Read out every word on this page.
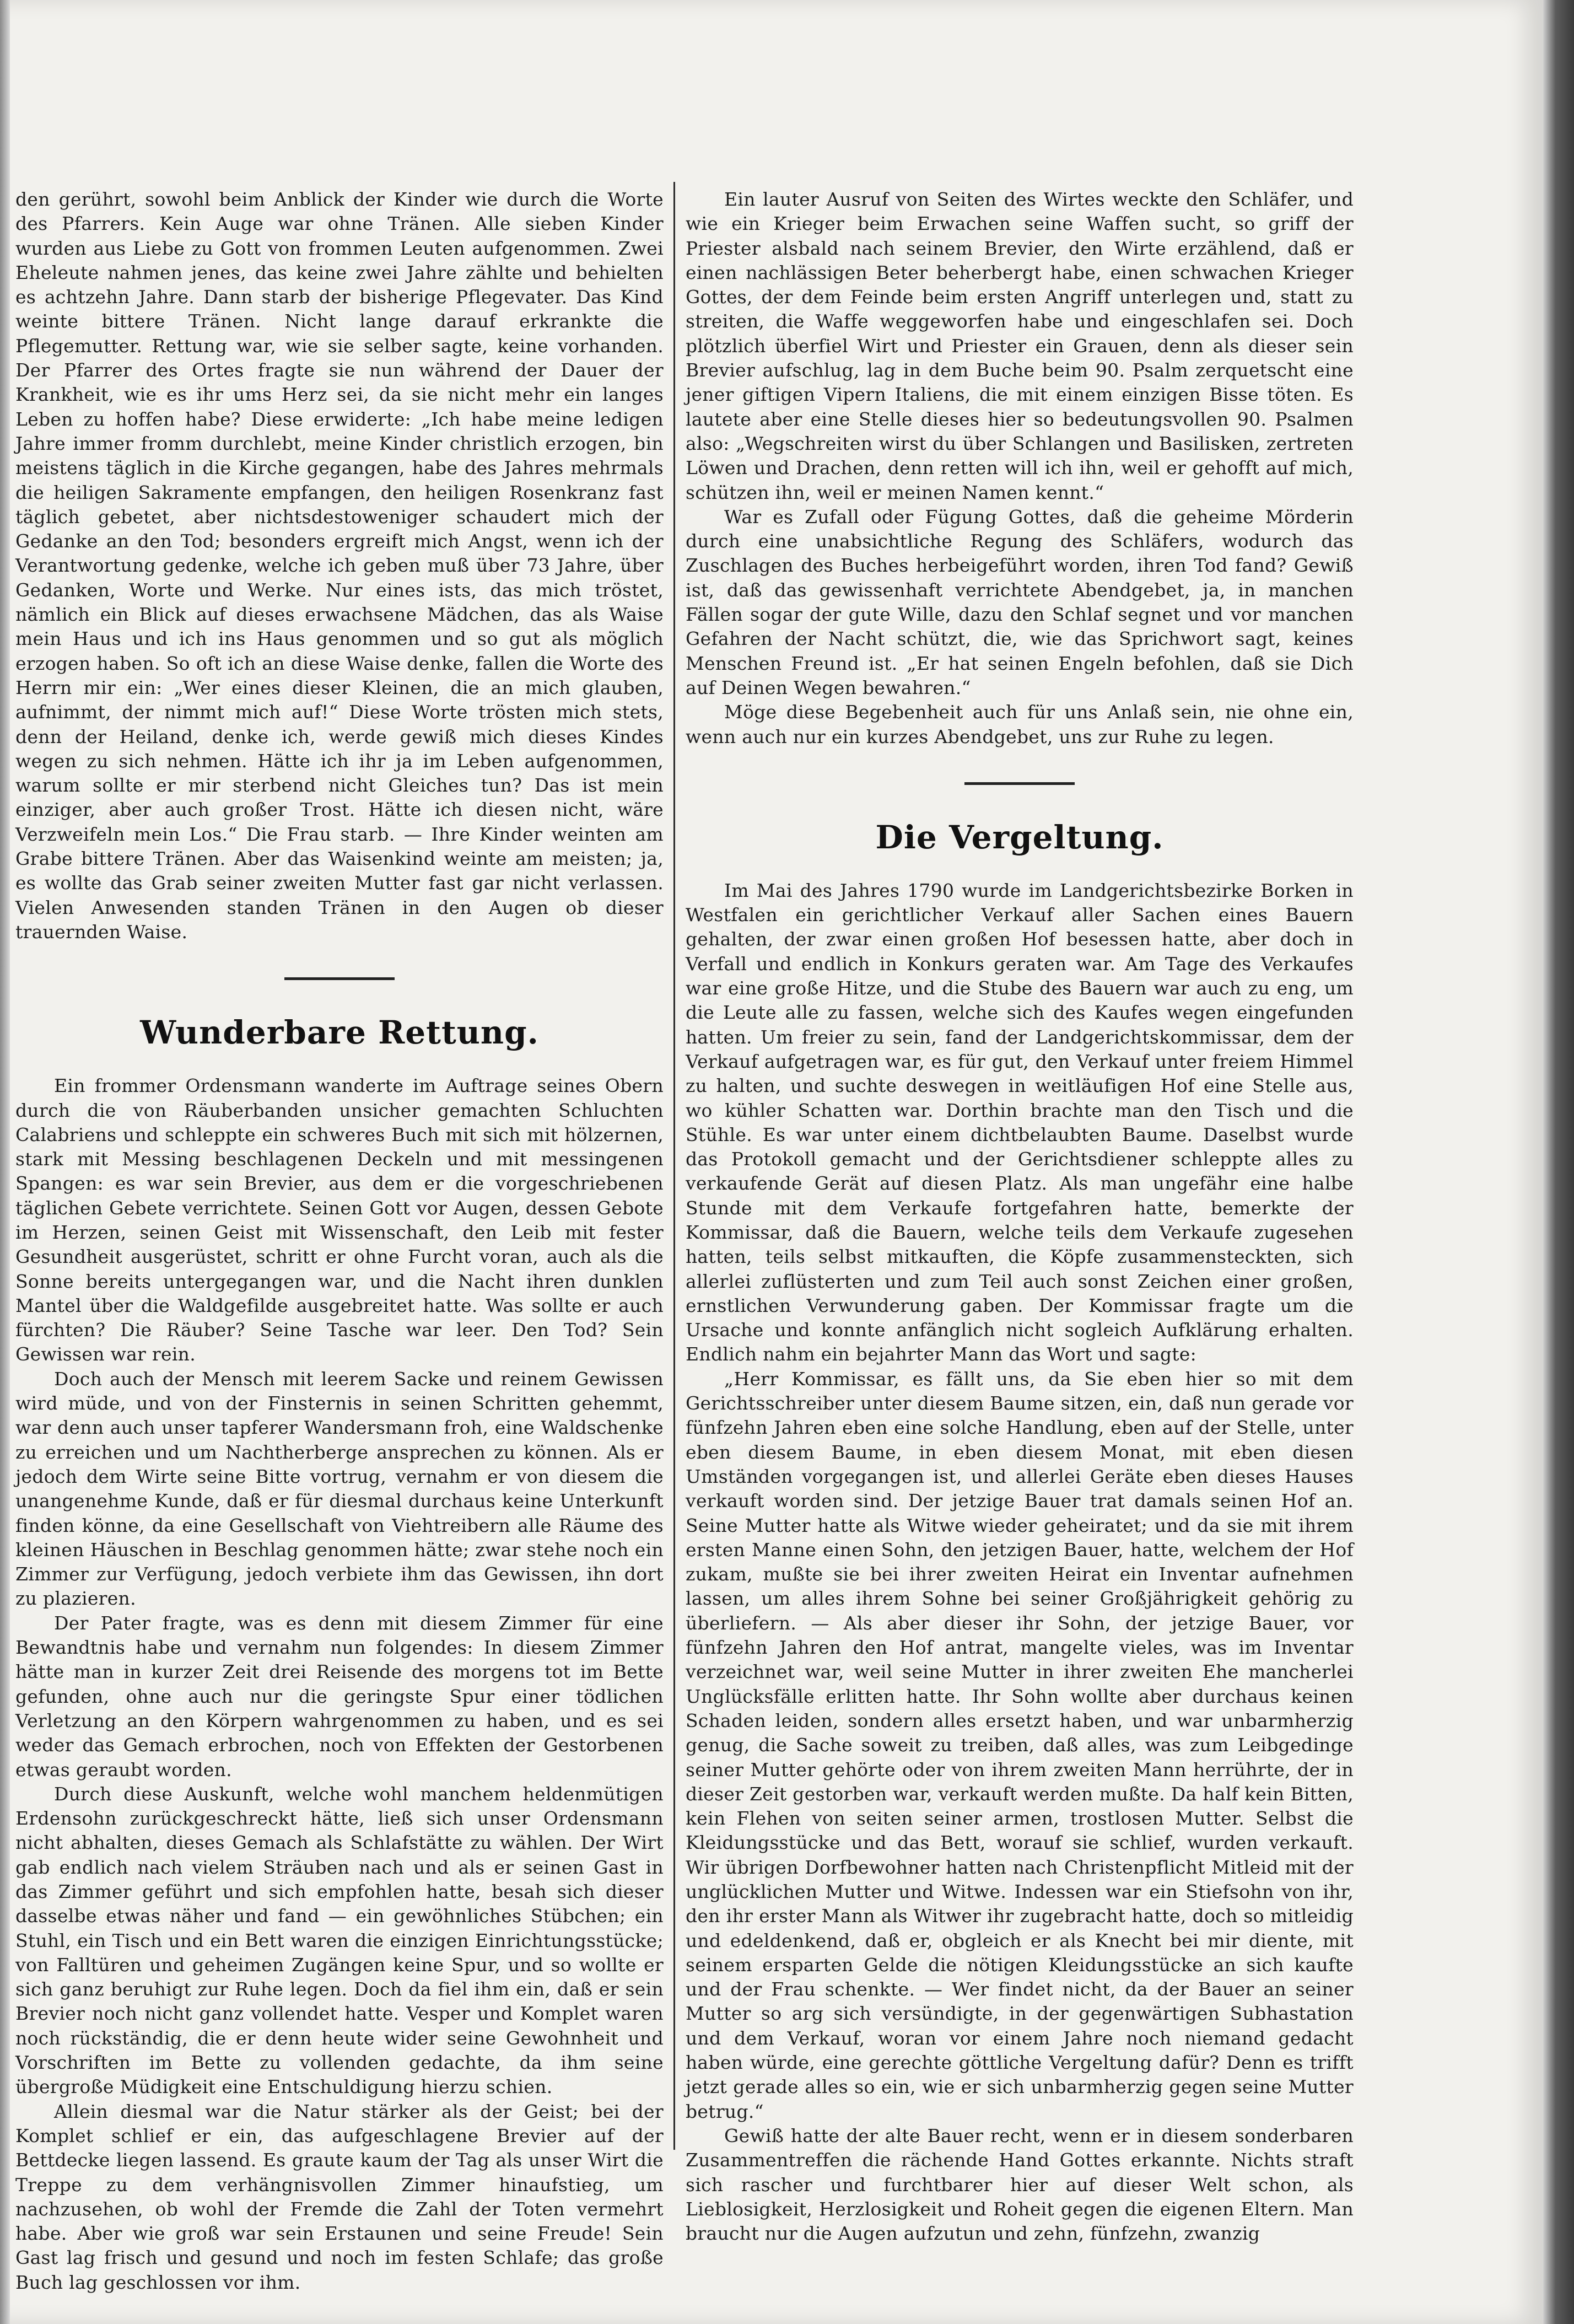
den gerührt, sowohl beim Anblick der Kinder wie durch die Worte des Pfarrers. Kein Auge war ohne Tränen. Alle sieben Kinder wurden aus Liebe zu Gott von frommen Leuten aufgenommen. Zwei Eheleute nahmen jenes, das keine zwei Jahre zählte und behielten es achtzehn Jahre. Dann starb der bisherige Pflegevater. Das Kind weinte bittere Tränen. Nicht lange darauf erkrankte die Pflegemutter. Rettung war, wie sie selber sagte, keine vorhanden. Der Pfarrer des Ortes fragte sie nun während der Dauer der Krankheit, wie es ihr ums Herz sei, da sie nicht mehr ein langes Leben zu hoffen habe? Diese erwiderte: „Ich habe meine ledigen Jahre immer fromm durchlebt, meine Kinder christlich erzogen, bin meistens täglich in die Kirche gegangen, habe des Jahres mehrmals die heiligen Sakramente empfangen, den heiligen Rosenkranz fast täglich gebetet, aber nichtsdestoweniger schaudert mich der Gedanke an den Tod; besonders ergreift mich Angst, wenn ich der Verantwortung gedenke, welche ich geben muß über 73 Jahre, über Gedanken, Worte und Werke. Nur eines ists, das mich tröstet, nämlich ein Blick auf dieses erwachsene Mädchen, das als Waise mein Haus und ich ins Haus genommen und so gut als möglich erzogen haben. So oft ich an diese Waise denke, fallen die Worte des Herrn mir ein: „Wer eines dieser Kleinen, die an mich glauben, aufnimmt, der nimmt mich auf!“ Diese Worte trösten mich stets, denn der Heiland, denke ich, werde gewiß mich dieses Kindes wegen zu sich nehmen. Hätte ich ihr ja im Leben aufgenommen, warum sollte er mir sterbend nicht Gleiches tun? Das ist mein einziger, aber auch großer Trost. Hätte ich diesen nicht, wäre Verzweifeln mein Los.“ Die Frau starb. — Ihre Kinder weinten am Grabe bittere Tränen. Aber das Waisenkind weinte am meisten; ja, es wollte das Grab seiner zweiten Mutter fast gar nicht verlassen. Vielen Anwesenden standen Tränen in den Augen ob dieser trauernden Waise.

Wunderbare Rettung.

Ein frommer Ordensmann wanderte im Auftrage seines Obern durch die von Räuberbanden unsicher gemachten Schluchten Calabriens und schleppte ein schweres Buch mit sich mit hölzernen, stark mit Messing beschlagenen Deckeln und mit messingenen Spangen: es war sein Brevier, aus dem er die vorgeschriebenen täglichen Gebete verrichtete. Seinen Gott vor Augen, dessen Gebote im Herzen, seinen Geist mit Wissenschaft, den Leib mit fester Gesundheit ausgerüstet, schritt er ohne Furcht voran, auch als die Sonne bereits untergegangen war, und die Nacht ihren dunklen Mantel über die Waldgefilde ausgebreitet hatte. Was sollte er auch fürchten? Die Räuber? Seine Tasche war leer. Den Tod? Sein Gewissen war rein.

Doch auch der Mensch mit leerem Sacke und reinem Gewissen wird müde, und von der Finsternis in seinen Schritten gehemmt, war denn auch unser tapferer Wandersmann froh, eine Waldschenke zu erreichen und um Nachtherberge ansprechen zu können. Als er jedoch dem Wirte seine Bitte vortrug, vernahm er von diesem die unangenehme Kunde, daß er für diesmal durchaus keine Unterkunft finden könne, da eine Gesellschaft von Viehtreibern alle Räume des kleinen Häuschen in Beschlag genommen hätte; zwar stehe noch ein Zimmer zur Verfügung, jedoch verbiete ihm das Gewissen, ihn dort zu plazieren.

Der Pater fragte, was es denn mit diesem Zimmer für eine Bewandtnis habe und vernahm nun folgendes: In diesem Zimmer hätte man in kurzer Zeit drei Reisende des morgens tot im Bette gefunden, ohne auch nur die geringste Spur einer tödlichen Verletzung an den Körpern wahrgenommen zu haben, und es sei weder das Gemach erbrochen, noch von Effekten der Gestorbenen etwas geraubt worden.

Durch diese Auskunft, welche wohl manchem heldenmütigen Erdensohn zurückgeschreckt hätte, ließ sich unser Ordensmann nicht abhalten, dieses Gemach als Schlafstätte zu wählen. Der Wirt gab endlich nach vielem Sträuben nach und als er seinen Gast in das Zimmer geführt und sich empfohlen hatte, besah sich dieser dasselbe etwas näher und fand — ein gewöhnliches Stübchen; ein Stuhl, ein Tisch und ein Bett waren die einzigen Einrichtungsstücke; von Falltüren und geheimen Zugängen keine Spur, und so wollte er sich ganz beruhigt zur Ruhe legen. Doch da fiel ihm ein, daß er sein Brevier noch nicht ganz vollendet hatte. Vesper und Komplet waren noch rückständig, die er denn heute wider seine Gewohnheit und Vorschriften im Bette zu vollenden gedachte, da ihm seine übergroße Müdigkeit eine Entschuldigung hierzu schien.

Allein diesmal war die Natur stärker als der Geist; bei der Komplet schlief er ein, das aufgeschlagene Brevier auf der Bettdecke liegen lassend. Es graute kaum der Tag als unser Wirt die Treppe zu dem verhängnisvollen Zimmer hinaufstieg, um nachzusehen, ob wohl der Fremde die Zahl der Toten vermehrt habe. Aber wie groß war sein Erstaunen und seine Freude! Sein Gast lag frisch und gesund und noch im festen Schlafe; das große Buch lag geschlossen vor ihm.

Ein lauter Ausruf von Seiten des Wirtes weckte den Schläfer, und wie ein Krieger beim Erwachen seine Waffen sucht, so griff der Priester alsbald nach seinem Brevier, den Wirte erzählend, daß er einen nachlässigen Beter beherbergt habe, einen schwachen Krieger Gottes, der dem Feinde beim ersten Angriff unterlegen und, statt zu streiten, die Waffe weggeworfen habe und eingeschlafen sei. Doch plötzlich überfiel Wirt und Priester ein Grauen, denn als dieser sein Brevier aufschlug, lag in dem Buche beim 90. Psalm zerquetscht eine jener giftigen Vipern Italiens, die mit einem einzigen Bisse töten. Es lautete aber eine Stelle dieses hier so bedeutungsvollen 90. Psalmen also: „Wegschreiten wirst du über Schlangen und Basilisken, zertreten Löwen und Drachen, denn retten will ich ihn, weil er gehofft auf mich, schützen ihn, weil er meinen Namen kennt.“

War es Zufall oder Fügung Gottes, daß die geheime Mörderin durch eine unabsichtliche Regung des Schläfers, wodurch das Zuschlagen des Buches herbeigeführt worden, ihren Tod fand? Gewiß ist, daß das gewissenhaft verrichtete Abendgebet, ja, in manchen Fällen sogar der gute Wille, dazu den Schlaf segnet und vor manchen Gefahren der Nacht schützt, die, wie das Sprichwort sagt, keines Menschen Freund ist. „Er hat seinen Engeln befohlen, daß sie Dich auf Deinen Wegen bewahren.“

Möge diese Begebenheit auch für uns Anlaß sein, nie ohne ein, wenn auch nur ein kurzes Abendgebet, uns zur Ruhe zu legen.

Die Vergeltung.

Im Mai des Jahres 1790 wurde im Landgerichtsbezirke Borken in Westfalen ein gerichtlicher Verkauf aller Sachen eines Bauern gehalten, der zwar einen großen Hof besessen hatte, aber doch in Verfall und endlich in Konkurs geraten war. Am Tage des Verkaufes war eine große Hitze, und die Stube des Bauern war auch zu eng, um die Leute alle zu fassen, welche sich des Kaufes wegen eingefunden hatten. Um freier zu sein, fand der Landgerichtskommissar, dem der Verkauf aufgetragen war, es für gut, den Verkauf unter freiem Himmel zu halten, und suchte deswegen in weitläufigen Hof eine Stelle aus, wo kühler Schatten war. Dorthin brachte man den Tisch und die Stühle. Es war unter einem dichtbelaubten Baume. Daselbst wurde das Protokoll gemacht und der Gerichtsdiener schleppte alles zu verkaufende Gerät auf diesen Platz. Als man ungefähr eine halbe Stunde mit dem Verkaufe fortgefahren hatte, bemerkte der Kommissar, daß die Bauern, welche teils dem Verkaufe zugesehen hatten, teils selbst mitkauften, die Köpfe zusammensteckten, sich allerlei zuflüsterten und zum Teil auch sonst Zeichen einer großen, ernstlichen Verwunderung gaben. Der Kommissar fragte um die Ursache und konnte anfänglich nicht sogleich Aufklärung erhalten. Endlich nahm ein bejahrter Mann das Wort und sagte:

„Herr Kommissar, es fällt uns, da Sie eben hier so mit dem Gerichtsschreiber unter diesem Baume sitzen, ein, daß nun gerade vor fünfzehn Jahren eben eine solche Handlung, eben auf der Stelle, unter eben diesem Baume, in eben diesem Monat, mit eben diesen Umständen vorgegangen ist, und allerlei Geräte eben dieses Hauses verkauft worden sind. Der jetzige Bauer trat damals seinen Hof an. Seine Mutter hatte als Witwe wieder geheiratet; und da sie mit ihrem ersten Manne einen Sohn, den jetzigen Bauer, hatte, welchem der Hof zukam, mußte sie bei ihrer zweiten Heirat ein Inventar aufnehmen lassen, um alles ihrem Sohne bei seiner Großjährigkeit gehörig zu überliefern. — Als aber dieser ihr Sohn, der jetzige Bauer, vor fünfzehn Jahren den Hof antrat, mangelte vieles, was im Inventar verzeichnet war, weil seine Mutter in ihrer zweiten Ehe mancherlei Unglücksfälle erlitten hatte. Ihr Sohn wollte aber durchaus keinen Schaden leiden, sondern alles ersetzt haben, und war unbarmherzig genug, die Sache soweit zu treiben, daß alles, was zum Leibgedinge seiner Mutter gehörte oder von ihrem zweiten Mann herrührte, der in dieser Zeit gestorben war, verkauft werden mußte. Da half kein Bitten, kein Flehen von seiten seiner armen, trostlosen Mutter. Selbst die Kleidungsstücke und das Bett, worauf sie schlief, wurden verkauft. Wir übrigen Dorfbewohner hatten nach Christenpflicht Mitleid mit der unglücklichen Mutter und Witwe. Indessen war ein Stiefsohn von ihr, den ihr erster Mann als Witwer ihr zugebracht hatte, doch so mitleidig und edeldenkend, daß er, obgleich er als Knecht bei mir diente, mit seinem ersparten Gelde die nötigen Kleidungsstücke an sich kaufte und der Frau schenkte. — Wer findet nicht, da der Bauer an seiner Mutter so arg sich versündigte, in der gegenwärtigen Subhastation und dem Verkauf, woran vor einem Jahre noch niemand gedacht haben würde, eine gerechte göttliche Vergeltung dafür? Denn es trifft jetzt gerade alles so ein, wie er sich unbarmherzig gegen seine Mutter betrug.“

Gewiß hatte der alte Bauer recht, wenn er in diesem sonderbaren Zusammentreffen die rächende Hand Gottes erkannte. Nichts straft sich rascher und furchtbarer hier auf dieser Welt schon, als Lieblosigkeit, Herzlosigkeit und Roheit gegen die eigenen Eltern. Man braucht nur die Augen aufzutun und zehn, fünfzehn, zwanzig
